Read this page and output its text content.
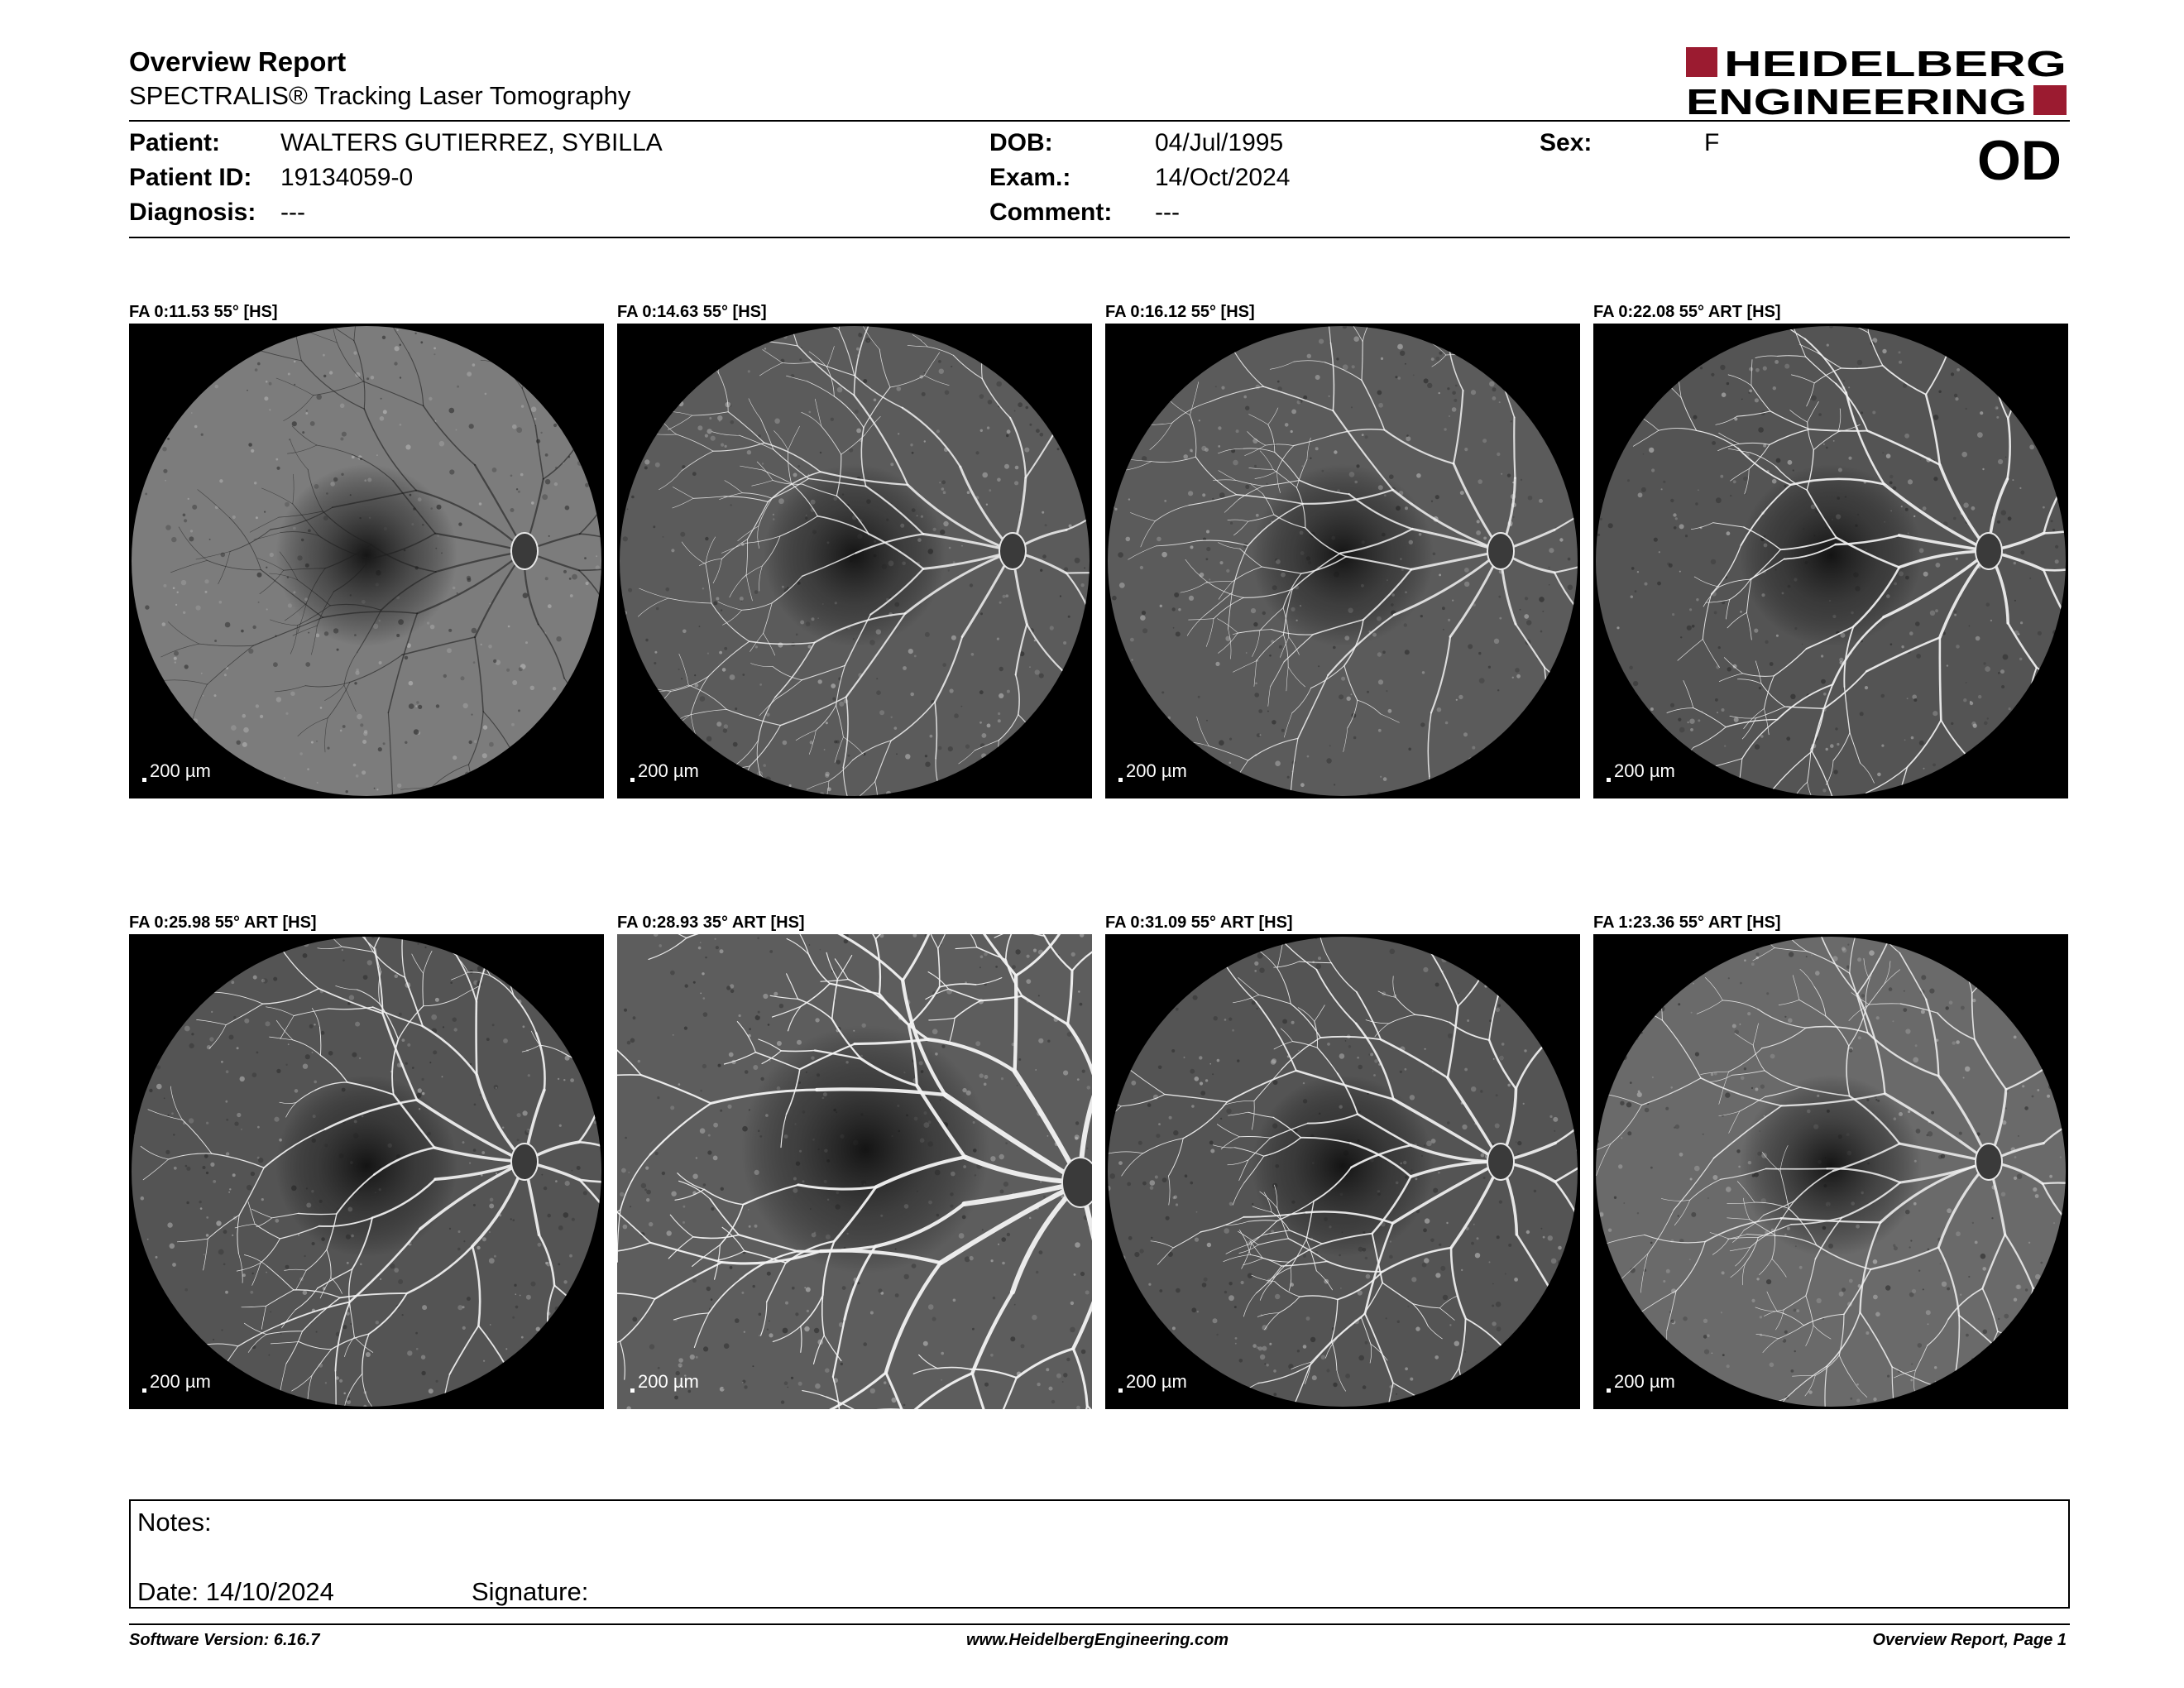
Overview Report
SPECTRALIS® Tracking Laser Tomography
HEIDELBERG
ENGINEERING
Patient: WALTERS GUTIERREZ, SYBILLA
Patient ID: 19134059-0
Diagnosis: ---
DOB:	04/Jul/1995
Exam.:	14/Oct/2024
Comment: ---
Sex:	F	OD
FA 0:11.53 55° [HS]
200 µm
FA 0:14.63 55° [HS]
200 µm
FA 0:16.12 55° [HS]
200 µm
FA 0:22.08 55° ART [HS]
200 µm
FA 0:25.98 55° ART [HS]
200 µm
FA 0:28.93 35° ART [HS]
200 µm
FA 0:31.09 55° ART [HS]
200 µm
FA 1:23.36 55° ART [HS]
200 µm
Notes:
Date: 14/10/2024	Signature:
Software Version: 6.16.7	www.HeidelbergEngineering.com	Overview Report, Page 1
